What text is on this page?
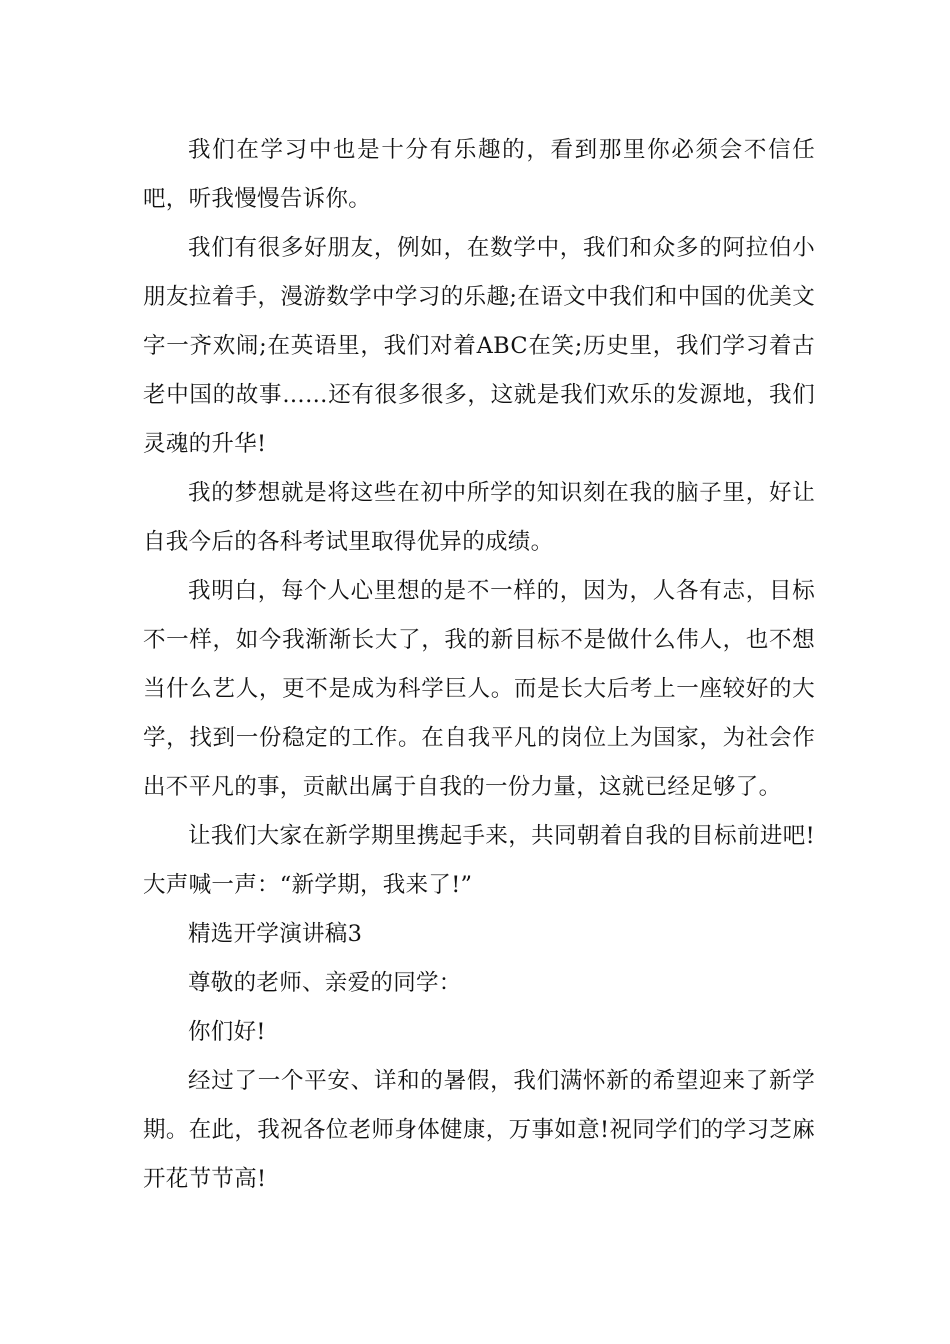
我们在学习中也是十分有乐趣的，看到那里你必须会不信任吧，听我慢慢告诉你。

我们有很多好朋友，例如，在数学中，我们和众多的阿拉伯小朋友拉着手，漫游数学中学习的乐趣;在语文中我们和中国的优美文字一齐欢闹;在英语里，我们对着ABC在笑;历史里，我们学习着古老中国的故事……还有很多很多，这就是我们欢乐的发源地，我们灵魂的升华!

我的梦想就是将这些在初中所学的知识刻在我的脑子里，好让自我今后的各科考试里取得优异的成绩。

我明白，每个人心里想的是不一样的，因为，人各有志，目标不一样，如今我渐渐长大了，我的新目标不是做什么伟人，也不想当什么艺人，更不是成为科学巨人。而是长大后考上一座较好的大学，找到一份稳定的工作。在自我平凡的岗位上为国家，为社会作出不平凡的事，贡献出属于自我的一份力量，这就已经足够了。

让我们大家在新学期里携起手来，共同朝着自我的目标前进吧!大声喊一声：“新学期，我来了!”

精选开学演讲稿3

尊敬的老师、亲爱的同学：

你们好!

经过了一个平安、详和的暑假，我们满怀新的希望迎来了新学期。在此，我祝各位老师身体健康，万事如意!祝同学们的学习芝麻开花节节高!
